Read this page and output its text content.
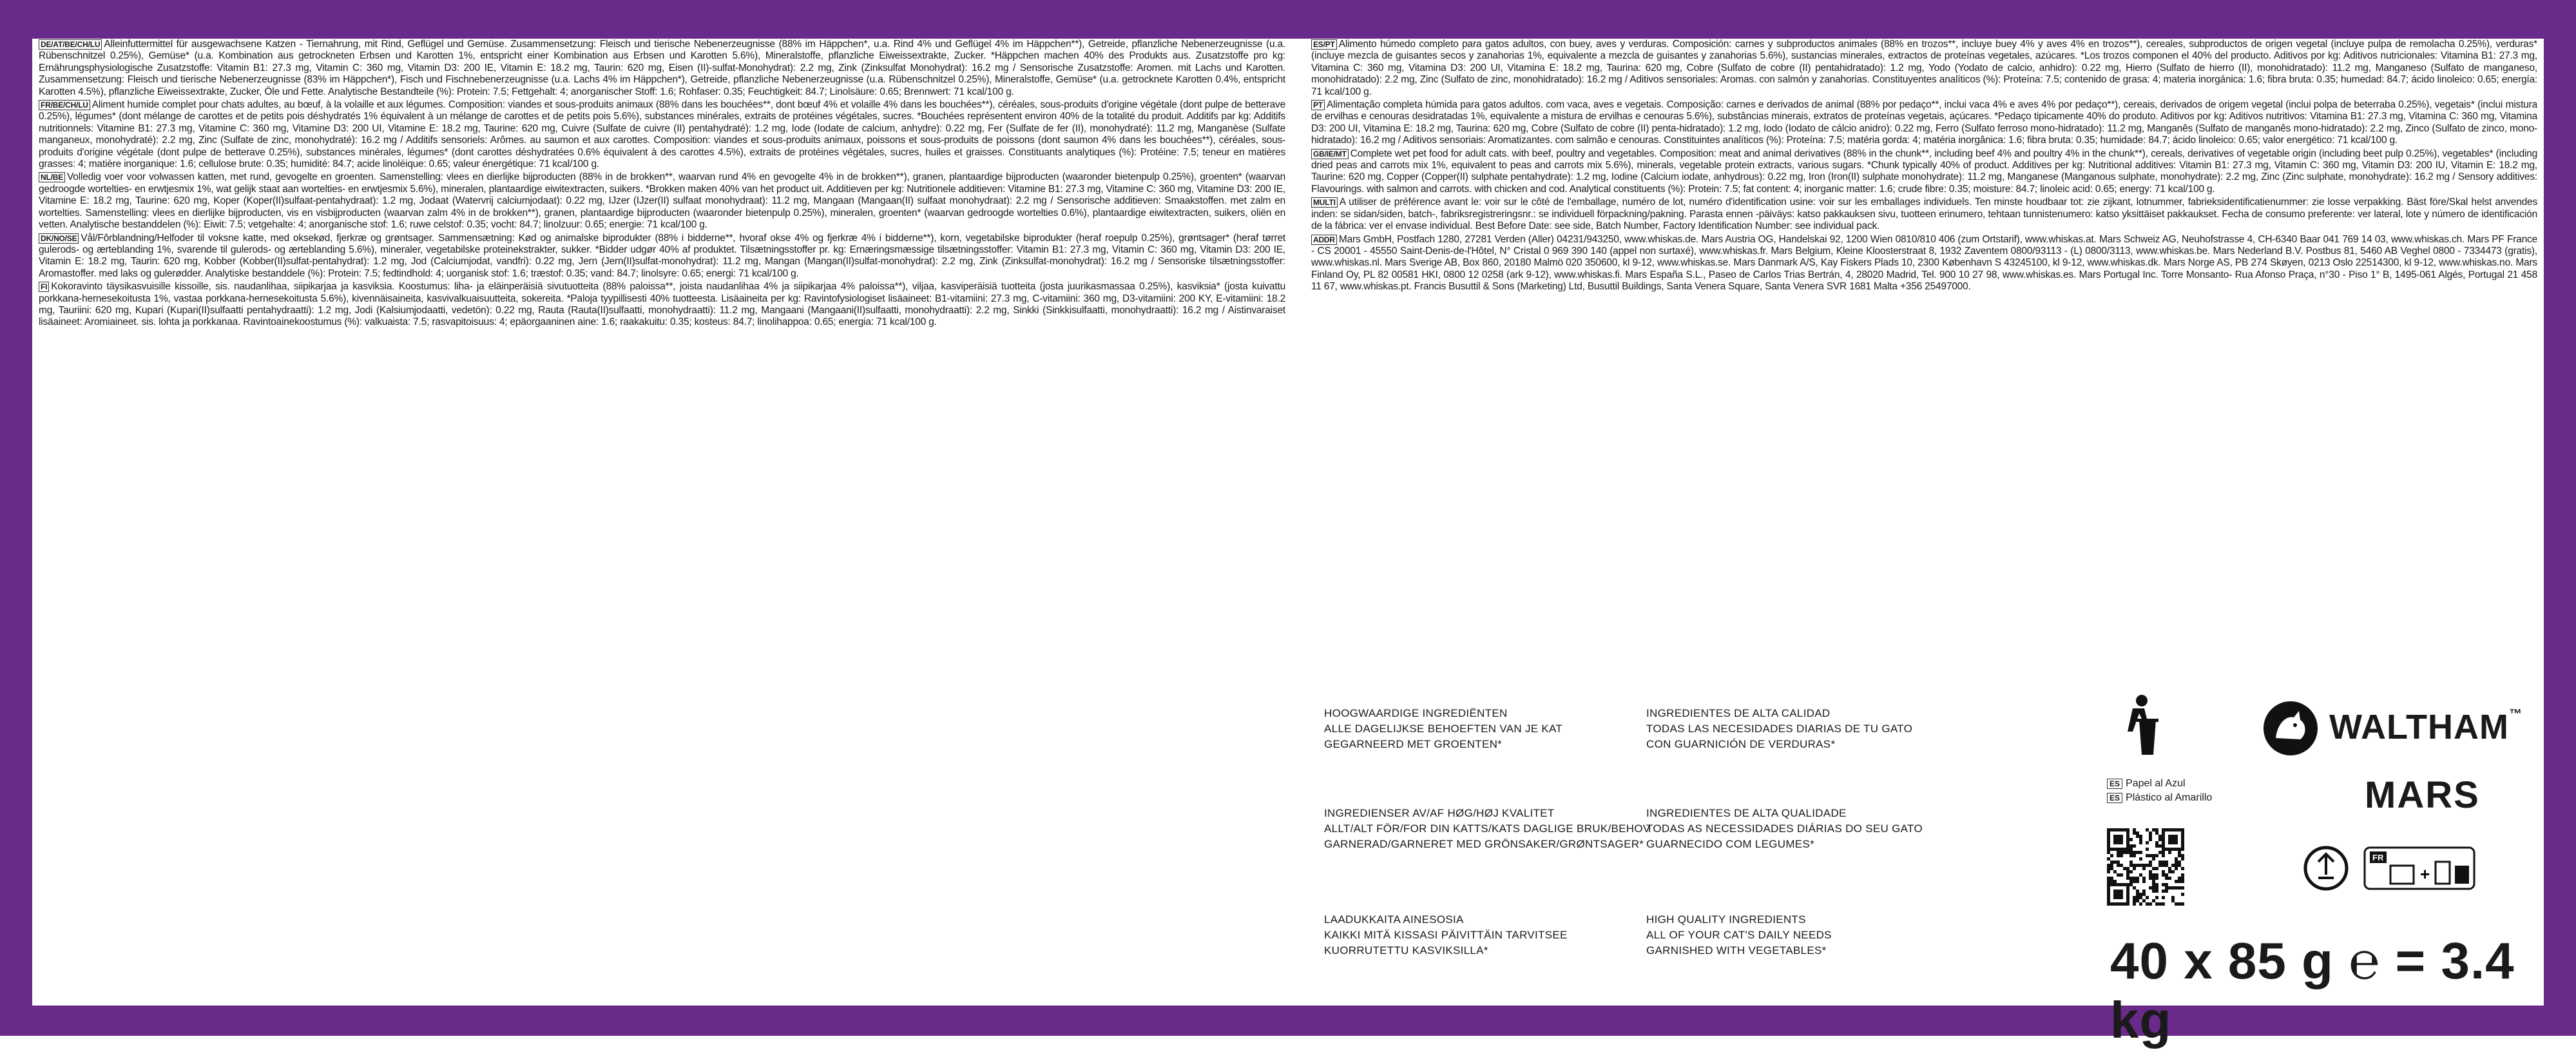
DE/AT/BE/CH/LU Alleinfuttermittel für ausgewachsene Katzen - Tiernahrung, mit Rind, Geflügel und Gemüse. Zusammensetzung: Fleisch und tierische Nebenerzeugnisse (88% im Häppchen*, u.a. Rind 4% und Geflügel 4% im Häppchen**), Getreide, pflanzliche Nebenerzeugnisse (u.a. Rübenschnitzel 0.25%), Gemüse* (u.a. Kombination aus getrockneten Erbsen und Karotten 1%, entspricht einer Kombination aus Erbsen und Karotten 5.6%), Mineralstoffe, pflanzliche Eiweissextrakte, Zucker. *Häppchen machen 40% des Produkts aus. Zusatzstoffe pro kg: Ernährungsphysiologische Zusatzstoffe: Vitamin B1: 27.3 mg, Vitamin C: 360 mg, Vitamin D3: 200 IE, Vitamin E: 18.2 mg, Taurin: 620 mg, Eisen (II)-sulfat-Monohydrat): 2.2 mg, Zink (Zinksulfat Monohydrat): 16.2 mg / Sensorische Zusatzstoffe: Aromen. mit Lachs und Karotten. Zusammensetzung: Fleisch und tierische Nebenerzeugnisse (83% im Häppchen*), Fisch und Fischnebenerzeugnisse (u.a. Lachs 4% im Häppchen*), Getreide, pflanzliche Nebenerzeugnisse (u.a. Rübenschnitzel 0.25%), Mineralstoffe, Gemüse* (u.a. getrocknete Karotten 0.4%, entspricht Karotten 4.5%), pflanzliche Eiweissextrakte, Zucker, Öle und Fette. Analytische Bestandteile (%): Protein: 7.5; Fettgehalt: 4; anorganischer Stoff: 1.6; Rohfaser: 0.35; Feuchtigkeit: 84.7; Linolsäure: 0.65; Brennwert: 71 kcal/100 g.

FR/BE/CH/LU Aliment humide complet pour chats adultes, au bœuf, à la volaille et aux légumes. Composition: viandes et sous-produits animaux (88% dans les bouchées**, dont bœuf 4% et volaille 4% dans les bouchées**), céréales, sous-produits d'origine végétale (dont pulpe de betterave 0.25%), légumes* (dont mélange de carottes et de petits pois déshydratés 1% équivalent à un mélange de carottes et de petits pois 5.6%), substances minérales, extraits de protéines végétales, sucres. *Bouchées représentent environ 40% de la totalité du produit. Additifs par kg: Additifs nutritionnels: Vitamine B1: 27.3 mg, Vitamine C: 360 mg, Vitamine D3: 200 UI, Vitamine E: 18.2 mg, Taurine: 620 mg, Cuivre (Sulfate de cuivre (II) pentahydraté): 1.2 mg, Iode (Iodate de calcium, anhydre): 0.22 mg, Fer (Sulfate de fer (II), monohydraté): 11.2 mg, Manganèse (Sulfate manganeux, monohydraté): 2.2 mg, Zinc (Sulfate de zinc, monohydraté): 16.2 mg / Additifs sensoriels: Arômes. au saumon et aux carottes. Composition: viandes et sous-produits animaux, poissons et sous-produits de poissons (dont saumon 4% dans les bouchées**), céréales, sous-produits d'origine végétale (dont pulpe de betterave 0.25%), substances minérales, légumes* (dont carottes déshydratées 0.6% équivalent à des carottes 4.5%), extraits de protéines végétales, sucres, huiles et graisses. Constituants analytiques (%): Protéine: 7.5; teneur en matières grasses: 4; matière inorganique: 1.6; cellulose brute: 0.35; humidité: 84.7; acide linoléique: 0.65; valeur énergétique: 71 kcal/100 g.

NL/BE Volledig voer voor volwassen katten, met rund, gevogelte en groenten. Samenstelling: vlees en dierlijke bijproducten (88% in de brokken**, waarvan rund 4% en gevogelte 4% in de brokken**), granen, plantaardige bijproducten (waaronder bietenpulp 0.25%), groenten* (waarvan gedroogde wortelties- en erwtjesmix 1%, wat gelijk staat aan wortelties- en erwtjesmix 5.6%), mineralen, plantaardige eiwitextracten, suikers. *Brokken maken 40% van het product uit. Additieven per kg: Nutritionele additieven: Vitamine B1: 27.3 mg, Vitamine C: 360 mg, Vitamine D3: 200 IE, Vitamine E: 18.2 mg, Taurine: 620 mg, Koper (Koper(II)sulfaat-pentahydraat): 1.2 mg, Jodaat (Watervrij calciumjodaat): 0.22 mg, IJzer (IJzer(II) sulfaat monohydraat): 11.2 mg, Mangaan (Mangaan(II) sulfaat monohydraat): 2.2 mg / Sensorische additieven: Smaakstoffen. met zalm en wortelties. Samenstelling: vlees en dierlijke bijproducten, vis en visbijproducten (waarvan zalm 4% in de brokken**), granen, plantaardige bijproducten (waaronder bietenpulp 0.25%), mineralen, groenten* (waarvan gedroogde wortelties 0.6%), plantaardige eiwitextracten, suikers, oliën en vetten. Analytische bestanddelen (%): Eiwit: 7.5; vetgehalte: 4; anorganische stof: 1.6; ruwe celstof: 0.35; vocht: 84.7; linolzuur: 0.65; energie: 71 kcal/100 g.

DK/NO/SE Vål/Fôrblandning/Helfoder til voksne katte, med oksekød, fjerkræ og grøntsager. Sammensætning: Kød og animalske biprodukter (88% i bidderne**, hvoraf okse 4% og fjerkræ 4% i bidderne**), korn, vegetabilske biprodukter (heraf roepulp 0.25%), grøntsager* (heraf tørret gulerods- og ærteblanding 1%, svarende til gulerods- og ærteblanding 5.6%), mineraler, vegetabilske proteinekstrakter, sukker. *Bidder udgør 40% af produktet. Tilsætningsstoffer pr. kg: Ernæringsmæssige tilsætningsstoffer: Vitamin B1: 27.3 mg, Vitamin C: 360 mg, Vitamin D3: 200 IE, Vitamin E: 18.2 mg, Taurin: 620 mg, Kobber (Kobber(II)sulfat-pentahydrat): 1.2 mg, Jod (Calciumjodat, vandfri): 0.22 mg, Jern (Jern(II)sulfat-monohydrat): 11.2 mg, Mangan (Mangan(II)sulfat-monohydrat): 2.2 mg, Zink (Zinksulfat-monohydrat): 16.2 mg / Sensoriske tilsætningsstoffer: Aromastoffer. med laks og gulerødder. Analytiske bestanddele (%): Protein: 7.5; fedtindhold: 4; uorganisk stof: 1.6; træstof: 0.35; vand: 84.7; linolsyre: 0.65; energi: 71 kcal/100 g.

FI Kokoravinto täysikasvuisille kissoille, sis. naudanlihaa, siipikarjaa ja kasviksia. Koostumus: liha- ja eläinperäisiä sivutuotteita (88% paloissa**, joista naudanlihaa 4% ja siipikarjaa 4% paloissa**), viljaa, kasviperäisiä tuotteita (josta juurikasmassaa 0.25%), kasviksia* (josta kuivattu porkkana-hernesekoitusta 1%, vastaa porkkana-hernesekoitusta 5.6%), kivennäisaineita, kasvivalkuaisuutteita, sokereita. *Paloja tyypillisesti 40% tuotteesta. Lisäaineita per kg: Ravintofysiologiset lisäaineet: B1-vitamiini: 27.3 mg, C-vitamiini: 360 mg, D3-vitamiini: 200 KY, E-vitamiini: 18.2 mg, Tauriini: 620 mg, Kupari (Kupari(II)sulfaatti pentahydraatti): 1.2 mg, Jodi (Kalsiumjodaatti, vedetön): 0.22 mg, Rauta (Rauta(II)sulfaatti, monohydraatti): 11.2 mg, Mangaani (Mangaani(II)sulfaatti, monohydraatti): 2.2 mg, Sinkki (Sinkkisulfaatti, monohydraatti): 16.2 mg / Aistinvaraiset lisäaineet: Aromiaineet. sis. lohta ja porkkanaa. Ravintoainekoostumus (%): valkuaista: 7.5; rasvapitoisuus: 4; epäorgaaninen aine: 1.6; raakakuitu: 0.35; kosteus: 84.7; linolihappoa: 0.65; energia: 71 kcal/100 g.

ES/PT Alimento húmedo completo para gatos adultos, con buey, aves y verduras. Composición: carnes y subproductos animales (88% en trozos**, incluye buey 4% y aves 4% en trozos**), cereales, subproductos de origen vegetal (incluye pulpa de remolacha 0.25%), verduras* (incluye mezcla de guisantes secos y zanahorias 1%, equivalente a mezcla de guisantes y zanahorias 5.6%), sustancias minerales, extractos de proteínas vegetales, azúcares. *Los trozos componen el 40% del producto. Aditivos por kg: Aditivos nutricionales: Vitamina B1: 27.3 mg, Vitamina C: 360 mg, Vitamina D3: 200 UI, Vitamina E: 18.2 mg, Taurina: 620 mg, Cobre (Sulfato de cobre (II) pentahidratado): 1.2 mg, Yodo (Yodato de calcio, anhidro): 0.22 mg, Hierro (Sulfato de hierro (II), monohidratado): 11.2 mg, Manganeso (Sulfato de manganeso, monohidratado): 2.2 mg, Zinc (Sulfato de zinc, monohidratado): 16.2 mg / Aditivos sensoriales: Aromas. con salmón y zanahorias. Constituyentes analíticos (%): Proteína: 7.5; contenido de grasa: 4; materia inorgánica: 1.6; fibra bruta: 0.35; humedad: 84.7; ácido linoleico: 0.65; energía: 71 kcal/100 g.

PT Alimentação completa húmida para gatos adultos. com vaca, aves e vegetais. Composição: carnes e derivados de animal (88% por pedaço**, inclui vaca 4% e aves 4% por pedaço**), cereais, derivados de origem vegetal (inclui polpa de beterraba 0.25%), vegetais* (inclui mistura de ervilhas e cenouras desidratadas 1%, equivalente a mistura de ervilhas e cenouras 5.6%), substâncias minerais, extratos de proteínas vegetais, açúcares. *Pedaço tipicamente 40% do produto. Aditivos por kg: Aditivos nutritivos: Vitamina B1: 27.3 mg, Vitamina C: 360 mg, Vitamina D3: 200 UI, Vitamina E: 18.2 mg, Taurina: 620 mg, Cobre (Sulfato de cobre (II) penta-hidratado): 1.2 mg, Iodo (Iodato de cálcio anidro): 0.22 mg, Ferro (Sulfato ferroso mono-hidratado): 11.2 mg, Manganês (Sulfato de manganês mono-hidratado): 2.2 mg, Zinco (Sulfato de zinco, mono-hidratado): 16.2 mg / Aditivos sensoriais: Aromatizantes. com salmão e cenouras. Constituintes analíticos (%): Proteína: 7.5; matéria gorda: 4; matéria inorgânica: 1.6; fibra bruta: 0.35; humidade: 84.7; ácido linoleico: 0.65; valor energético: 71 kcal/100 g.

GB/IE/MT Complete wet pet food for adult cats. with beef, poultry and vegetables. Composition: meat and animal derivatives (88% in the chunk**, including beef 4% and poultry 4% in the chunk**), cereals, derivatives of vegetable origin (including beet pulp 0.25%), vegetables* (including dried peas and carrots mix 1%, equivalent to peas and carrots mix 5.6%), minerals, vegetable protein extracts, various sugars. *Chunk typically 40% of product. Additives per kg: Nutritional additives: Vitamin B1: 27.3 mg, Vitamin C: 360 mg, Vitamin D3: 200 IU, Vitamin E: 18.2 mg, Taurine: 620 mg, Copper (Copper(II) sulphate pentahydrate): 1.2 mg, Iodine (Calcium iodate, anhydrous): 0.22 mg, Iron (Iron(II) sulphate monohydrate): 11.2 mg, Manganese (Manganous sulphate, monohydrate): 2.2 mg, Zinc (Zinc sulphate, monohydrate): 16.2 mg / Sensory additives: Flavourings. with salmon and carrots. with chicken and cod. Analytical constituents (%): Protein: 7.5; fat content: 4; inorganic matter: 1.6; crude fibre: 0.35; moisture: 84.7; linoleic acid: 0.65; energy: 71 kcal/100 g.

MULTI A utiliser de préférence avant le: voir sur le côté de l'emballage, numéro de lot, numéro d'identification usine: voir sur les emballages individuels. Ten minste houdbaar tot: zie zijkant, lotnummer, fabrieksidentificatienummer: zie losse verpakking. Bäst före/Skal helst anvendes inden: se sidan/siden, batch-, fabriksregistreringsnr.: se individuell förpackning/pakning. Parasta ennen -päiväys: katso pakkauksen sivu, tuotteen erinumero, tehtaan tunnistenumero: katso yksittäiset pakkaukset. Fecha de consumo preferente: ver lateral, lote y número de identificación de la fábrica: ver el envase individual. Best Before Date: see side, Batch Number, Factory Identification Number: see individual pack.

ADDR Mars GmbH, Postfach 1280, 27281 Verden (Aller) 04231/943250, www.whiskas.de. Mars Austria OG, Handelskai 92, 1200 Wien 0810/810 406 (zum Ortstarif), www.whiskas.at. Mars Schweiz AG, Neuhofstrasse 4, CH-6340 Baar 041 769 14 03, www.whiskas.ch. Mars PF France - CS 20001 - 45550 Saint-Denis-de-l'Hôtel, N° Cristal 0 969 390 140 (appel non surtaxé), www.whiskas.fr. Mars Belgium, Kleine Kloosterstraat 8, 1932 Zaventem 0800/93113 - (L) 0800/3113, www.whiskas.be. Mars Nederland B.V. Postbus 81, 5460 AB Veghel 0800 - 7334473 (gratis), www.whiskas.nl. Mars Sverige AB, Box 860, 20180 Malmö 020 350600, kl 9-12, www.whiskas.se. Mars Danmark A/S, Kay Fiskers Plads 10, 2300 København S 43245100, kl 9-12, www.whiskas.dk. Mars Norge AS, PB 274 Skøyen, 0213 Oslo 22514300, kl 9-12, www.whiskas.no. Mars Finland Oy, PL 82 00581 HKI, 0800 12 0258 (ark 9-12), www.whiskas.fi. Mars España S.L., Paseo de Carlos Trias Bertrán, 4, 28020 Madrid, Tel. 900 10 27 98, www.whiskas.es. Mars Portugal Inc. Torre Monsanto- Rua Afonso Praça, n°30 - Piso 1° B, 1495-061 Algés, Portugal 21 458 11 67, www.whiskas.pt. Francis Busuttil & Sons (Marketing) Ltd, Busuttil Buildings, Santa Venera Square, Santa Venera SVR 1681 Malta +356 25497000.

HOOGWAARDIGE INGREDIËNTEN
ALLE DAGELIJKSE BEHOEFTEN VAN JE KAT
GEGARNEERD MET GROENTEN*
INGREDIENTES DE ALTA CALIDAD
TODAS LAS NECESIDADES DIARIAS DE TU GATO
CON GUARNICIÓN DE VERDURAS*
INGREDIENSER AV/AF HØG/HØJ KVALITET
ALLT/ALT FÖR/FOR DIN KATTS/KATS DAGLIGE BRUK/BEHOV
GARNERAD/GARNERET MED GRÖNSAKER/GRØNTSAGER*
INGREDIENTES DE ALTA QUALIDADE
TODAS AS NECESSIDADES DIÁRIAS DO SEU GATO
GUARNECIDO COM LEGUMES*
LAADUKKAITA AINESOSIA
KAIKKI MITÄ KISSASI PÄIVITTÄIN TARVITSEE
KUORRUTETTU KASVIKSILLA*
HIGH QUALITY INGREDIENTS
ALL OF YOUR CAT'S DAILY NEEDS
GARNISHED WITH VEGETABLES*
ES Papel al Azul
ES Plástico al Amarillo
WALTHAM™
MARS
FR
+
40 x 85 g ℮ = 3.4 kg
